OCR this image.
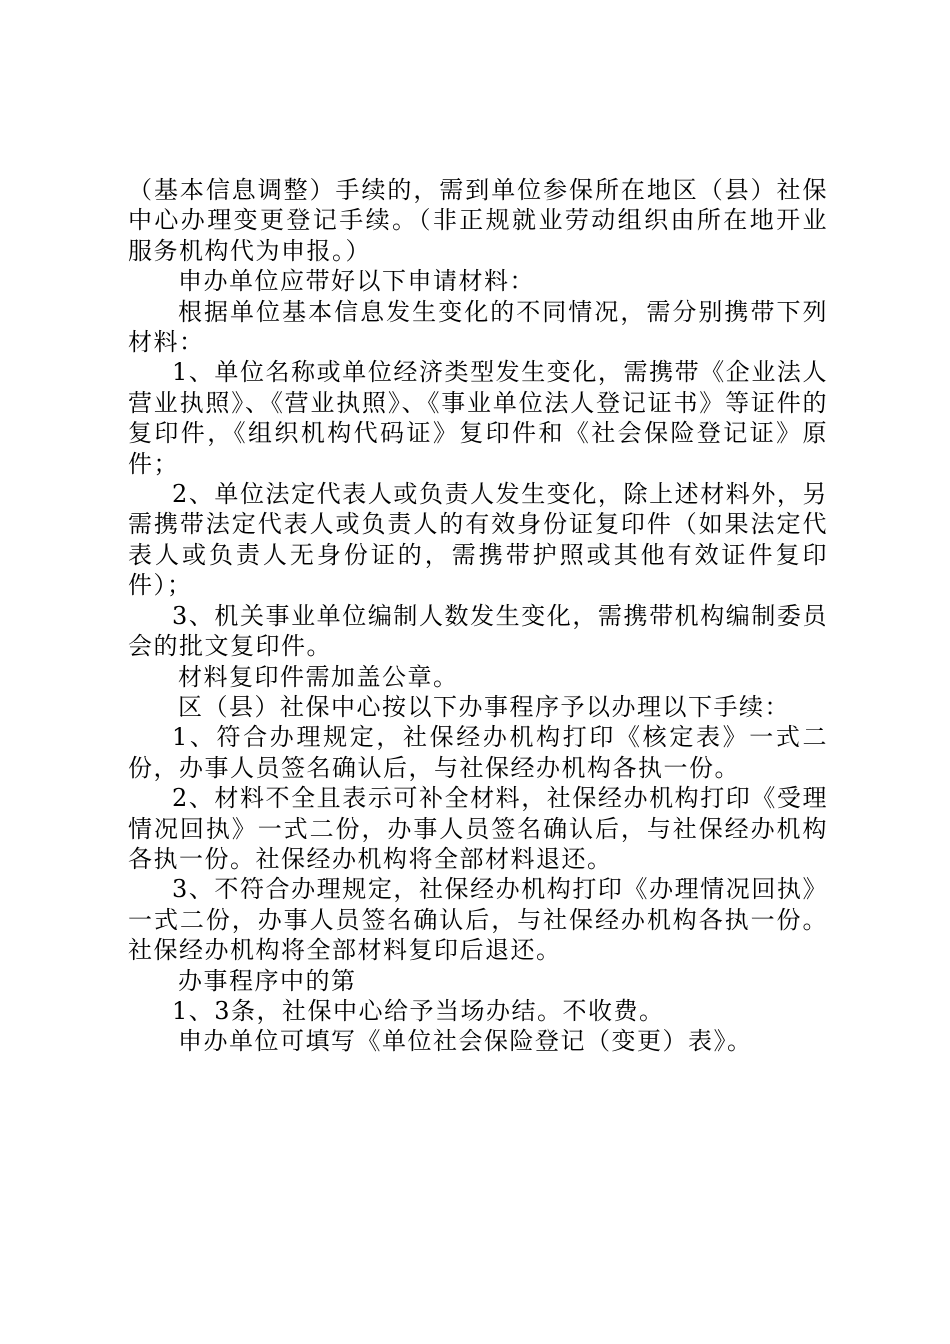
（基本信息调整）手续的，需到单位参保所在地区（县）社保中心办理变更登记手续。（非正规就业劳动组织由所在地开业服务机构代为申报。）

申办单位应带好以下申请材料：

根据单位基本信息发生变化的不同情况，需分别携带下列材料：

1、单位名称或单位经济类型发生变化，需携带《企业法人营业执照》、《营业执照》、《事业单位法人登记证书》等证件的复印件，《组织机构代码证》复印件和《社会保险登记证》原件；

2、单位法定代表人或负责人发生变化，除上述材料外，另需携带法定代表人或负责人的有效身份证复印件（如果法定代表人或负责人无身份证的，需携带护照或其他有效证件复印件）；

3、机关事业单位编制人数发生变化，需携带机构编制委员会的批文复印件。

材料复印件需加盖公章。

区（县）社保中心按以下办事程序予以办理以下手续：

1、符合办理规定，社保经办机构打印《核定表》一式二份，办事人员签名确认后，与社保经办机构各执一份。

2、材料不全且表示可补全材料，社保经办机构打印《受理情况回执》一式二份，办事人员签名确认后，与社保经办机构各执一份。社保经办机构将全部材料退还。

3、不符合办理规定，社保经办机构打印《办理情况回执》一式二份，办事人员签名确认后，与社保经办机构各执一份。社保经办机构将全部材料复印后退还。

办事程序中的第

1、3条，社保中心给予当场办结。不收费。

申办单位可填写《单位社会保险登记（变更）表》。
